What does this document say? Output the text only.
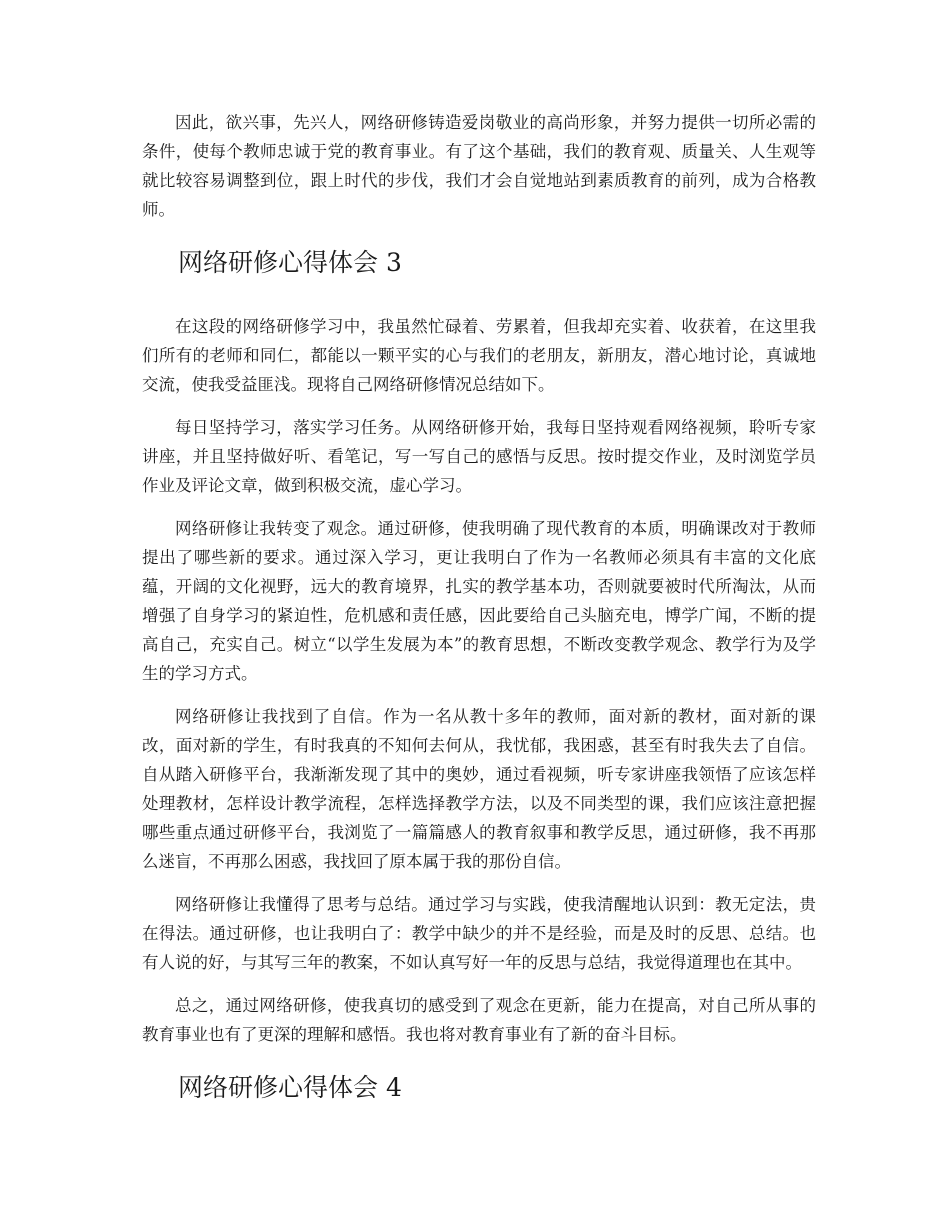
因此，欲兴事，先兴人，网络研修铸造爱岗敬业的高尚形象，并努力提供一切所必需的条件，使每个教师忠诚于党的教育事业。有了这个基础，我们的教育观、质量关、人生观等就比较容易调整到位，跟上时代的步伐，我们才会自觉地站到素质教育的前列，成为合格教师。

网络研修心得体会 3

在这段的网络研修学习中，我虽然忙碌着、劳累着，但我却充实着、收获着，在这里我们所有的老师和同仁，都能以一颗平实的心与我们的老朋友，新朋友，潜心地讨论，真诚地交流，使我受益匪浅。现将自己网络研修情况总结如下。

每日坚持学习，落实学习任务。从网络研修开始，我每日坚持观看网络视频，聆听专家讲座，并且坚持做好听、看笔记，写一写自己的感悟与反思。按时提交作业，及时浏览学员作业及评论文章，做到积极交流，虚心学习。

网络研修让我转变了观念。通过研修，使我明确了现代教育的本质，明确课改对于教师提出了哪些新的要求。通过深入学习，更让我明白了作为一名教师必须具有丰富的文化底蕴，开阔的文化视野，远大的教育境界，扎实的教学基本功，否则就要被时代所淘汰，从而增强了自身学习的紧迫性，危机感和责任感，因此要给自己头脑充电，博学广闻，不断的提高自己，充实自己。树立“以学生发展为本”的教育思想，不断改变教学观念、教学行为及学生的学习方式。

网络研修让我找到了自信。作为一名从教十多年的教师，面对新的教材，面对新的课改，面对新的学生，有时我真的不知何去何从，我忧郁，我困惑，甚至有时我失去了自信。自从踏入研修平台，我渐渐发现了其中的奥妙，通过看视频，听专家讲座我领悟了应该怎样处理教材，怎样设计教学流程，怎样选择教学方法，以及不同类型的课，我们应该注意把握哪些重点通过研修平台，我浏览了一篇篇感人的教育叙事和教学反思，通过研修，我不再那么迷盲，不再那么困惑，我找回了原本属于我的那份自信。

网络研修让我懂得了思考与总结。通过学习与实践，使我清醒地认识到：教无定法，贵在得法。通过研修，也让我明白了：教学中缺少的并不是经验，而是及时的反思、总结。也有人说的好，与其写三年的教案，不如认真写好一年的反思与总结，我觉得道理也在其中。

总之，通过网络研修，使我真切的感受到了观念在更新，能力在提高，对自己所从事的教育事业也有了更深的理解和感悟。我也将对教育事业有了新的奋斗目标。

网络研修心得体会 4
